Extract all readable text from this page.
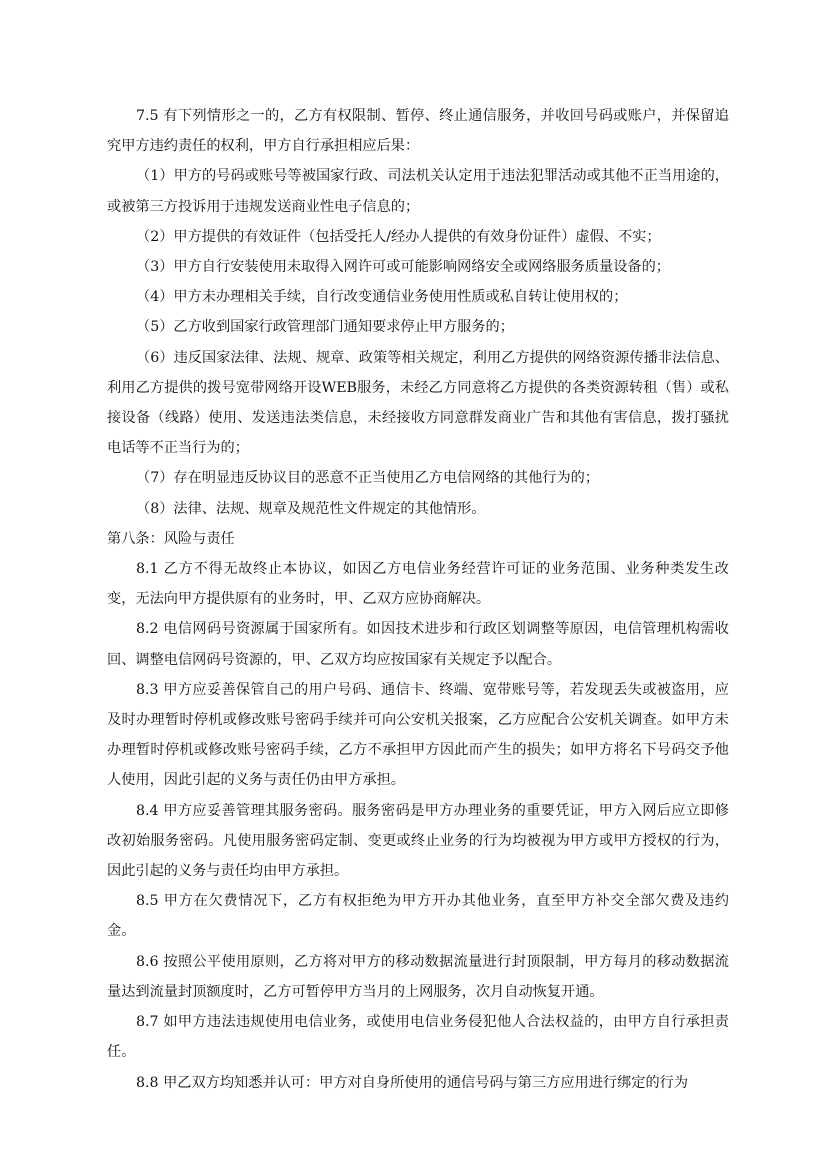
7.5 有下列情形之一的，乙方有权限制、暂停、终止通信服务，并收回号码或账户，并保留追究甲方违约责任的权利，甲方自行承担相应后果：

（1）甲方的号码或账号等被国家行政、司法机关认定用于违法犯罪活动或其他不正当用途的，或被第三方投诉用于违规发送商业性电子信息的；

（2）甲方提供的有效证件（包括受托人/经办人提供的有效身份证件）虚假、不实；

（3）甲方自行安装使用未取得入网许可或可能影响网络安全或网络服务质量设备的；

（4）甲方未办理相关手续，自行改变通信业务使用性质或私自转让使用权的；

（5）乙方收到国家行政管理部门通知要求停止甲方服务的；

（6）违反国家法律、法规、规章、政策等相关规定，利用乙方提供的网络资源传播非法信息、利用乙方提供的拨号宽带网络开设WEB服务，未经乙方同意将乙方提供的各类资源转租（售）或私接设备（线路）使用、发送违法类信息，未经接收方同意群发商业广告和其他有害信息，拨打骚扰电话等不正当行为的；

（7）存在明显违反协议目的恶意不正当使用乙方电信网络的其他行为的；

（8）法律、法规、规章及规范性文件规定的其他情形。

第八条：风险与责任

8.1 乙方不得无故终止本协议，如因乙方电信业务经营许可证的业务范围、业务种类发生改变，无法向甲方提供原有的业务时，甲、乙双方应协商解决。

8.2 电信网码号资源属于国家所有。如因技术进步和行政区划调整等原因，电信管理机构需收回、调整电信网码号资源的，甲、乙双方均应按国家有关规定予以配合。

8.3 甲方应妥善保管自己的用户号码、通信卡、终端、宽带账号等，若发现丢失或被盗用，应及时办理暂时停机或修改账号密码手续并可向公安机关报案，乙方应配合公安机关调查。如甲方未办理暂时停机或修改账号密码手续，乙方不承担甲方因此而产生的损失；如甲方将名下号码交予他人使用，因此引起的义务与责任仍由甲方承担。

8.4 甲方应妥善管理其服务密码。服务密码是甲方办理业务的重要凭证，甲方入网后应立即修改初始服务密码。凡使用服务密码定制、变更或终止业务的行为均被视为甲方或甲方授权的行为，因此引起的义务与责任均由甲方承担。

8.5 甲方在欠费情况下，乙方有权拒绝为甲方开办其他业务，直至甲方补交全部欠费及违约金。

8.6 按照公平使用原则，乙方将对甲方的移动数据流量进行封顶限制，甲方每月的移动数据流量达到流量封顶额度时，乙方可暂停甲方当月的上网服务，次月自动恢复开通。

8.7 如甲方违法违规使用电信业务，或使用电信业务侵犯他人合法权益的，由甲方自行承担责任。

8.8 甲乙双方均知悉并认可：甲方对自身所使用的通信号码与第三方应用进行绑定的行为
